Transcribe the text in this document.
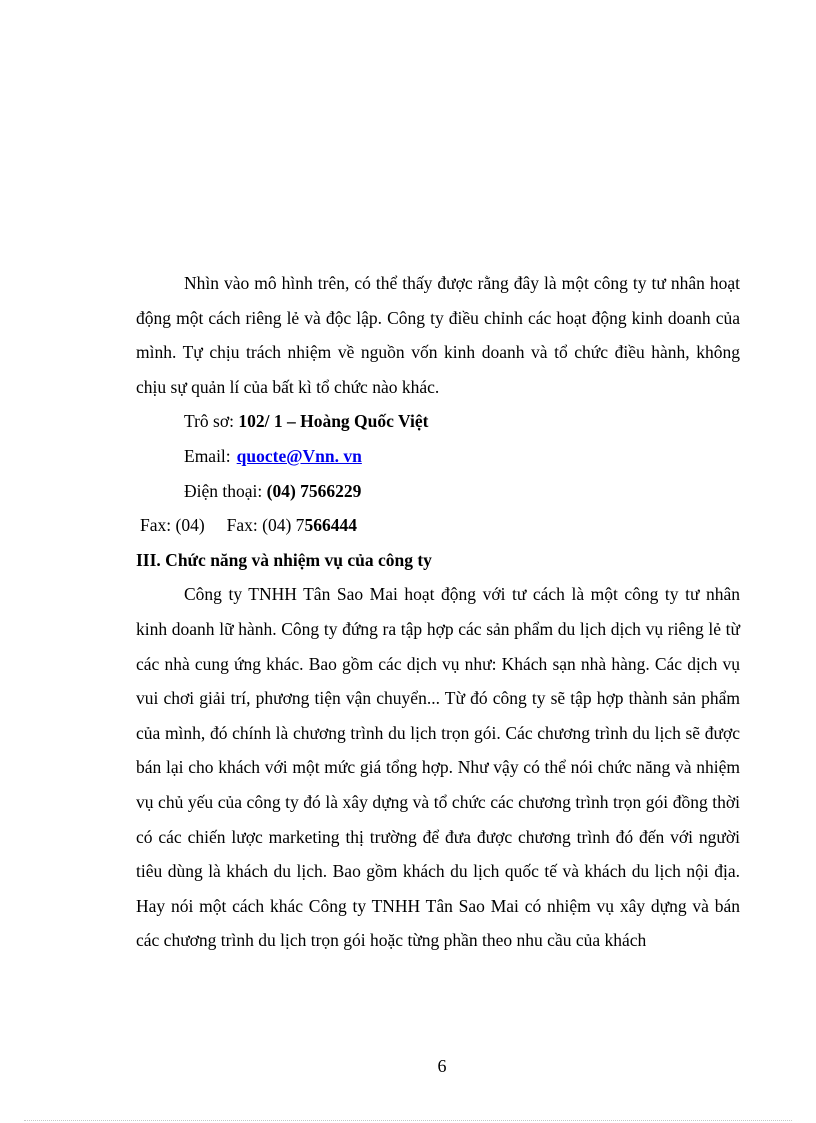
Nhìn vào mô hình trên, có thể thấy được rằng đây là một công ty tư nhân hoạt động một cách riêng lẻ và độc lập. Công ty điều chỉnh các hoạt động kinh doanh của mình. Tự chịu trách nhiệm về nguồn vốn kinh doanh và tổ chức điều hành, không chịu sự quản lí của bất kì tổ chức nào khác.

Trô sơ: 102/ 1 – Hoàng Quốc Việt

Email: quocte@Vnn. vn

Điện thoại: (04) 7566229

Fax: (04) Fax: (04) 7566444

III. Chức năng và nhiệm vụ của công ty

Công ty TNHH Tân Sao Mai hoạt động với tư cách là một công ty tư nhân kinh doanh lữ hành. Công ty đứng ra tập hợp các sản phẩm du lịch dịch vụ riêng lẻ từ các nhà cung ứng khác. Bao gồm các dịch vụ như: Khách sạn nhà hàng. Các dịch vụ vui chơi giải trí, phương tiện vận chuyển... Từ đó công ty sẽ tập hợp thành sản phẩm của mình, đó chính là chương trình du lịch trọn gói. Các chương trình du lịch sẽ được bán lại cho khách với một mức giá tổng hợp. Như vậy có thể nói chức năng và nhiệm vụ chủ yếu của công ty đó là xây dựng và tổ chức các chương trình trọn gói đồng thời có các chiến lược marketing thị trường để đưa được chương trình đó đến với người tiêu dùng là khách du lịch. Bao gồm khách du lịch quốc tế và khách du lịch nội địa. Hay nói một cách khác Công ty TNHH Tân Sao Mai có nhiệm vụ xây dựng và bán các chương trình du lịch trọn gói hoặc từng phần theo nhu cầu của khách

6
